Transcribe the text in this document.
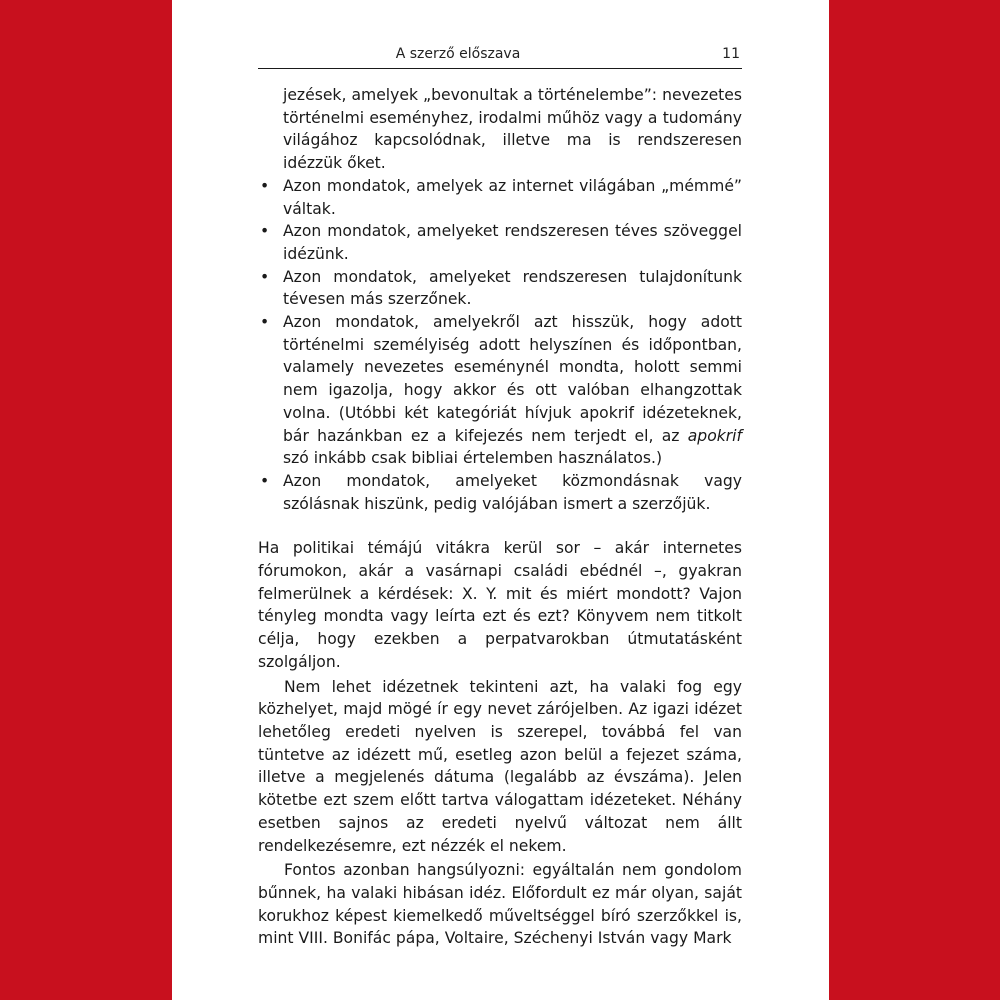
A szerző előszava	11
jezések, amelyek „bevonultak a történelembe”: nevezetes történelmi eseményhez, irodalmi műhöz vagy a tudomány világához kapcsolódnak, illetve ma is rendszeresen idézzük őket.
• Azon mondatok, amelyek az internet világában „mémmé” váltak.
• Azon mondatok, amelyeket rendszeresen téves szöveggel idézünk.
• Azon mondatok, amelyeket rendszeresen tulajdonítunk tévesen más szerzőnek.
• Azon mondatok, amelyekről azt hisszük, hogy adott történelmi személyiség adott helyszínen és időpontban, valamely nevezetes eseménynél mondta, holott semmi nem igazolja, hogy akkor és ott valóban elhangzottak volna. (Utóbbi két kategóriát hívjuk apokrif idézeteknek, bár hazánkban ez a kifejezés nem terjedt el, az apokrif szó inkább csak bibliai értelemben használatos.)
• Azon mondatok, amelyeket közmondásnak vagy szólásnak hiszünk, pedig valójában ismert a szerzőjük.

Ha politikai témájú vitákra kerül sor – akár internetes fórumokon, akár a vasárnapi családi ebédnél –, gyakran felmerülnek a kérdések: X. Y. mit és miért mondott? Vajon tényleg mondta vagy leírta ezt és ezt? Könyvem nem titkolt célja, hogy ezekben a perpatvarokban útmutatásként szolgáljon.

Nem lehet idézetnek tekinteni azt, ha valaki fog egy közhelyet, majd mögé ír egy nevet zárójelben. Az igazi idézet lehetőleg eredeti nyelven is szerepel, továbbá fel van tüntetve az idézett mű, esetleg azon belül a fejezet száma, illetve a megjelenés dátuma (legalább az évszáma). Jelen kötetbe ezt szem előtt tartva válogattam idézeteket. Néhány esetben sajnos az eredeti nyelvű változat nem állt rendelkezésemre, ezt nézzék el nekem.

Fontos azonban hangsúlyozni: egyáltalán nem gondolom bűnnek, ha valaki hibásan idéz. Előfordult ez már olyan, saját korukhoz képest kiemelkedő műveltséggel bíró szerzőkkel is, mint VIII. Bonifác pápa, Voltaire, Széchenyi István vagy Mark
